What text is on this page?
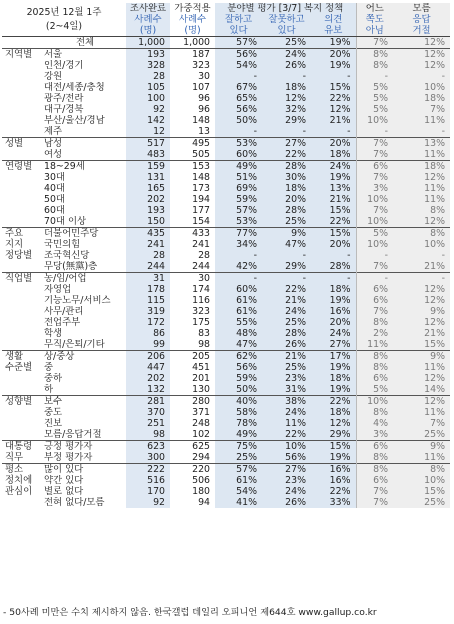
2025년 12월 1주
(2~4일)		조사완료	가중적용	분야별 평가 [3/7] 복지 정책			어느	모름
		사례수	사례수	잘하고	잘못하고	의견	쪽도	응답
		(명)	(명)	있다	있다	유보	아님	거절

	전체	1,000	1,000	57%	25%	19%	7%	12%

지역별	서울	193	187	56%	24%	20%	8%	12%
	인천/경기	328	323	54%	26%	19%	8%	12%
	강원	28	30	-	-	-	-	-
	대전/세종/충청	105	107	67%	18%	15%	5%	10%
	광주/전라	100	96	65%	12%	22%	5%	18%
	대구/경북	92	96	56%	32%	12%	5%	7%
	부산/울산/경남	142	148	50%	29%	21%	10%	11%
	제주	12	13	-	-	-	-	-

성별	남성	517	495	53%	27%	20%	7%	13%
	여성	483	505	60%	22%	18%	7%	11%

연령별	18~29세	159	153	49%	28%	24%	6%	18%
	30대	131	148	51%	30%	19%	7%	12%
	40대	165	173	69%	18%	13%	3%	11%
	50대	202	194	59%	20%	21%	10%	11%
	60대	193	177	57%	28%	15%	7%	8%
	70대 이상	150	154	53%	25%	22%	10%	12%

주요
지지
정당별	더불어민주당	435	433	77%	9%	15%	5%	8%
	국민의힘	241	241	34%	47%	20%	10%	10%
	조국혁신당	28	28	-	-	-	-	-
	무당(無黨)층	244	244	42%	29%	28%	7%	21%

직업별	농/임/어업	31	30	-	-	-	-	-
	자영업	178	174	60%	22%	18%	6%	12%
	기능노무/서비스	115	116	61%	21%	19%	6%	12%
	사무/관리	319	323	61%	24%	16%	7%	9%
	전업주부	172	175	55%	25%	20%	8%	12%
	학생	86	83	48%	28%	24%	2%	21%
	무직/은퇴/기타	99	98	47%	26%	27%	11%	15%

생활
수준별	상/중상	206	205	62%	21%	17%	8%	9%
	중	447	451	56%	25%	19%	8%	11%
	중하	202	201	59%	23%	18%	6%	12%
	하	132	130	50%	31%	19%	5%	14%

성향별	보수	281	280	40%	38%	22%	10%	12%
	중도	370	371	58%	24%	18%	8%	11%
	진보	251	248	78%	11%	12%	4%	7%
	모름/응답거절	98	102	49%	22%	29%	3%	25%

대통령
직무	긍정 평가자	623	625	75%	10%	15%	6%	9%
	부정 평가자	300	294	25%	56%	19%	8%	11%

평소
정치에
관심이	많이 있다	222	220	57%	27%	16%	8%	8%
	약간 있다	516	506	61%	23%	16%	6%	10%
	별로 없다	170	180	54%	24%	22%	7%	15%
	전혀 없다/모름	92	94	41%	26%	33%	7%	25%
- 50사례 미만은 수치 제시하지 않음. 한국갤럽 데일리 오피니언 제644호 www.gallup.co.kr
